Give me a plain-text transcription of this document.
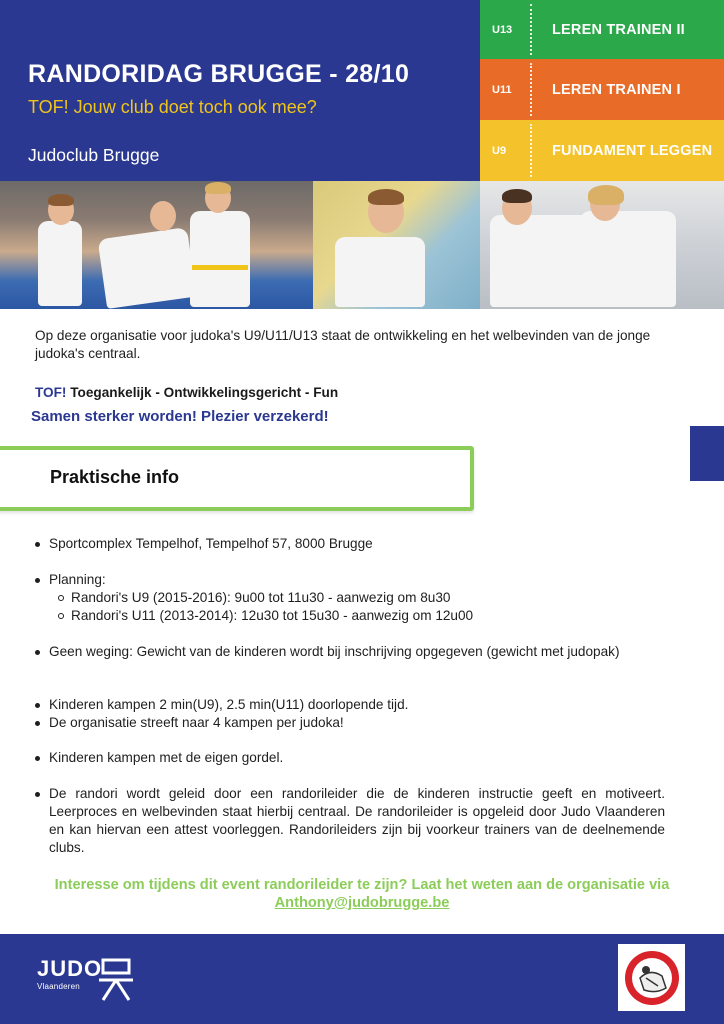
RANDORIDAG BRUGGE - 28/10
TOF! Jouw club doet toch ook mee?
Judoclub Brugge
U13	LEREN TRAINEN II
U11	LEREN TRAINEN I
U9	FUNDAMENT LEGGEN
Op deze organisatie voor judoka's U9/U11/U13 staat de ontwikkeling en het welbevinden van de jonge judoka's centraal.
TOF! Toegankelijk - Ontwikkelingsgericht - Fun
Samen sterker worden! Plezier verzekerd!
Praktische info
Sportcomplex Tempelhof, Tempelhof 57, 8000 Brugge
Planning:
Randori's U9 (2015-2016): 9u00 tot 11u30 - aanwezig om 8u30
Randori's U11 (2013-2014): 12u30 tot 15u30 - aanwezig om 12u00
Geen weging: Gewicht van de kinderen wordt bij inschrijving opgegeven (gewicht met judopak)
Kinderen kampen 2 min(U9), 2.5 min(U11) doorlopende tijd.
De organisatie streeft naar 4 kampen per judoka!
Kinderen kampen met de eigen gordel.
De randori wordt geleid door een randorileider die de kinderen instructie geeft en motiveert. Leerproces en welbevinden staat hierbij centraal. De randorileider is opgeleid door Judo Vlaanderen en kan hiervan een attest voorleggen. Randorileiders zijn bij voorkeur trainers van de deelnemende clubs.
Interesse om tijdens dit event randorileider te zijn? Laat het weten aan de organisatie via Anthony@judobrugge.be
JUDO
Vlaanderen
